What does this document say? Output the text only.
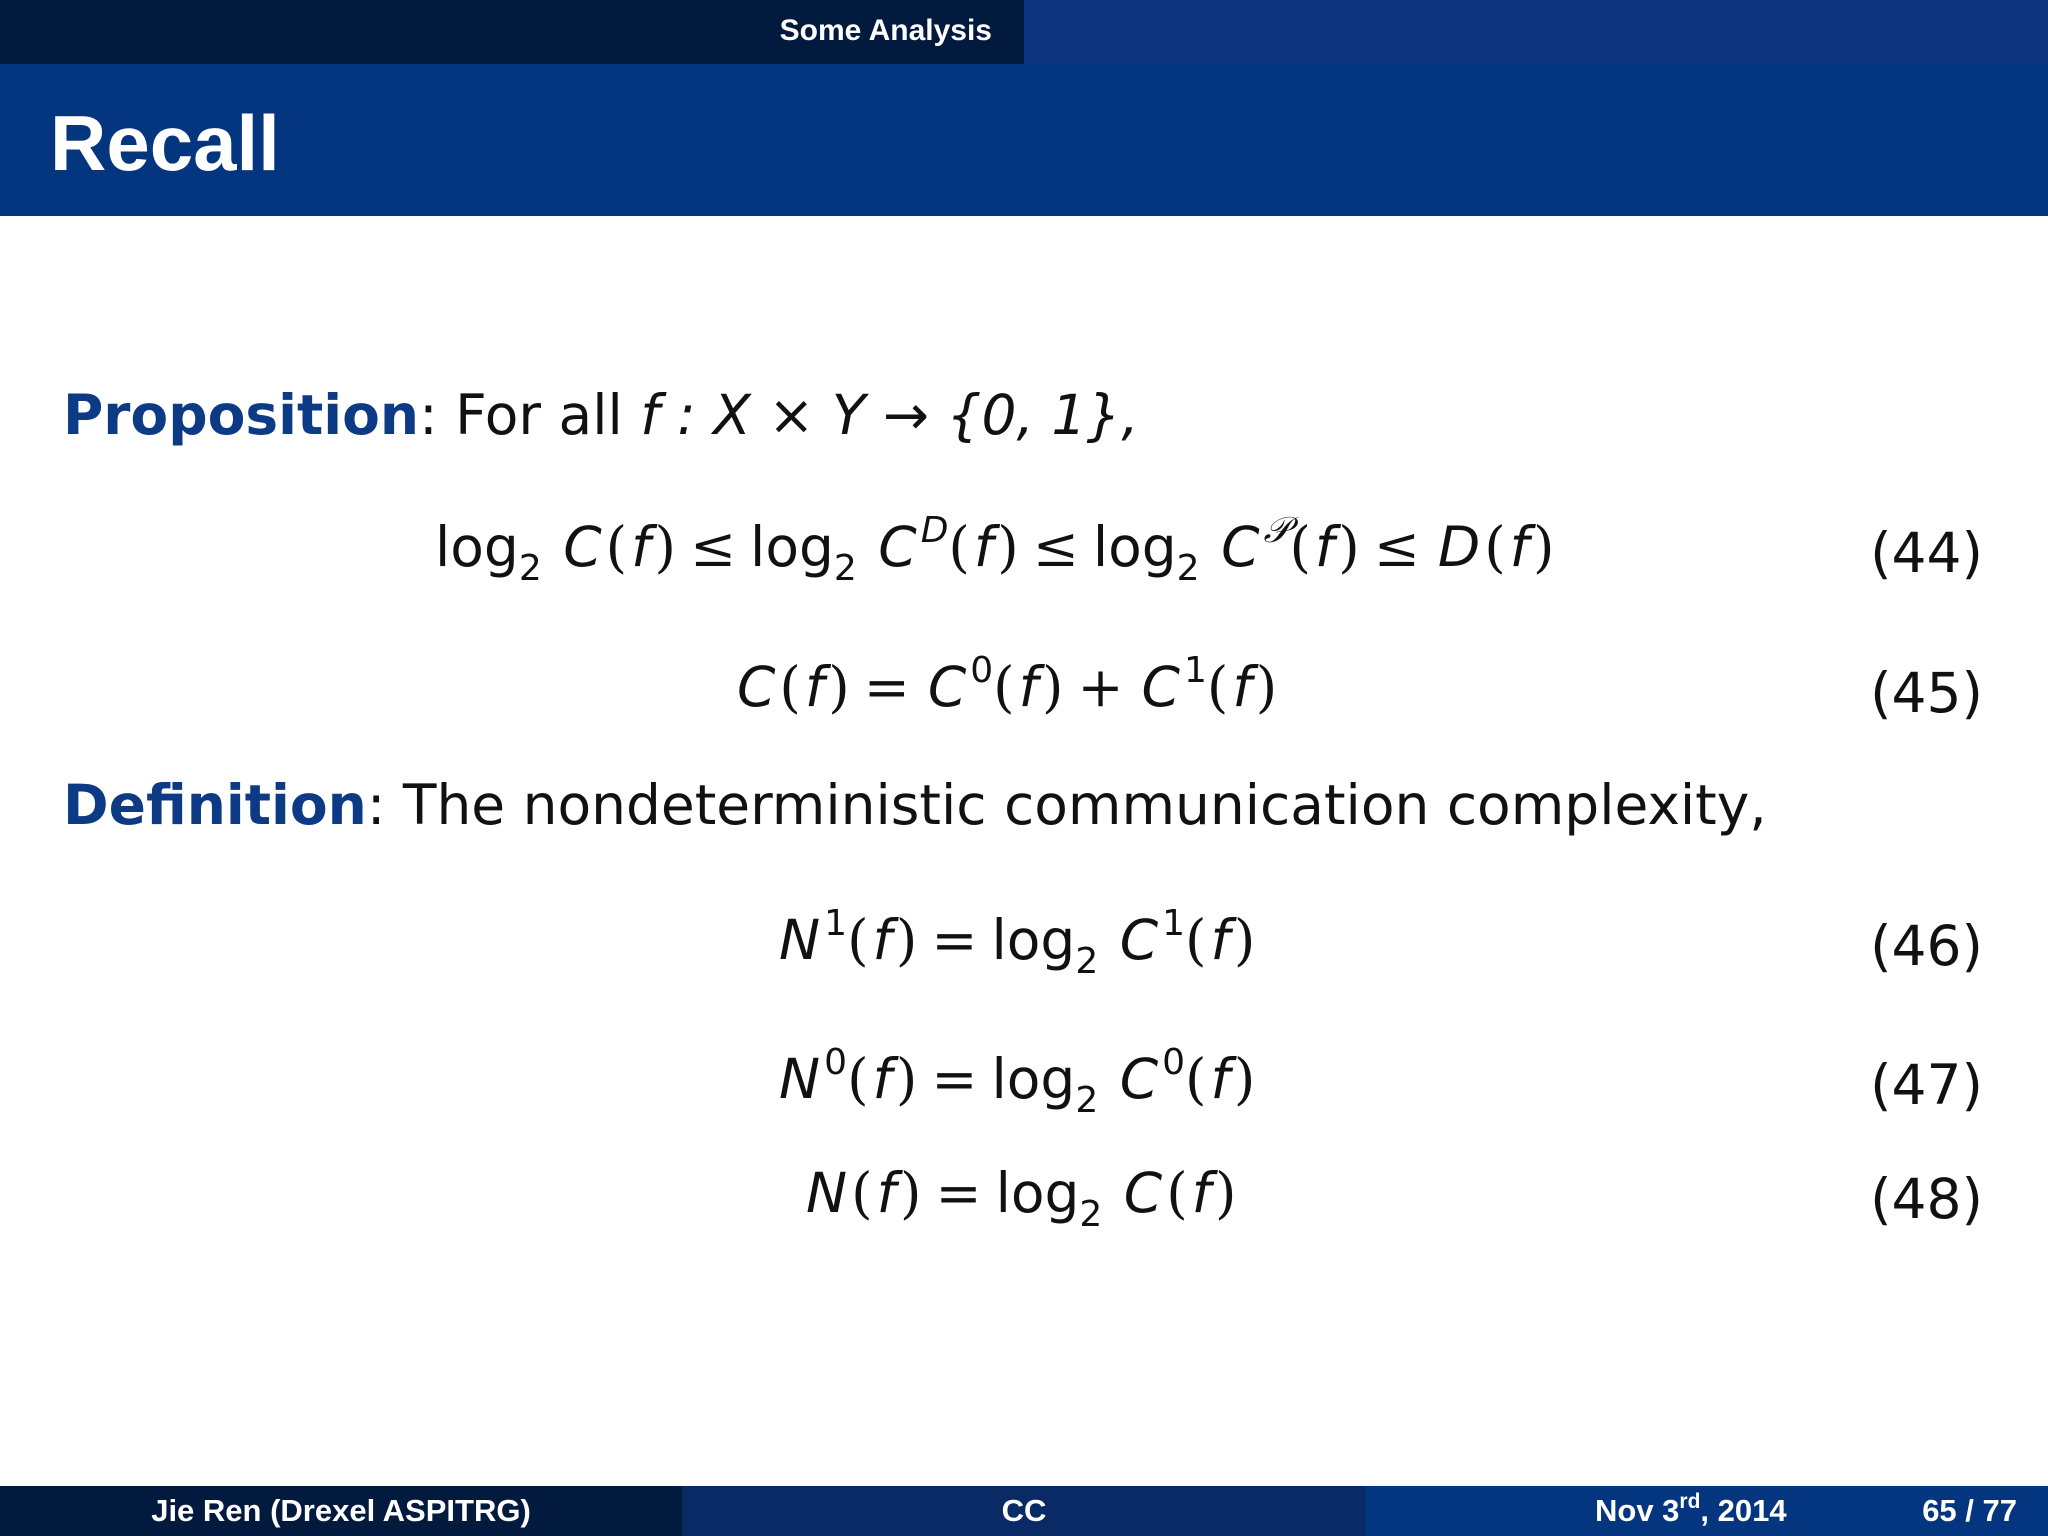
Some Analysis
Recall
Proposition: For all f : X × Y → {0, 1},
$\log_2 C(f) \le \log_2 C$ $^D(f) \le \log_2 C$ $^𝒫$(f) ≤ D(f)	(44)
C(f) = C $^0$(f) + C $^1$(f)	(45)
Definition: The nondeterministic communication complexity,
N $^1(f) = \log_2 C$ $^1$(f)	(46)
N $^0(f) = \log_2 C$ $^0$(f)	(47)
$N(f) = \log_2 C(f)$	(48)
Jie Ren (Drexel ASPITRG)	CC	Nov 3rd, 2014	65 / 77
